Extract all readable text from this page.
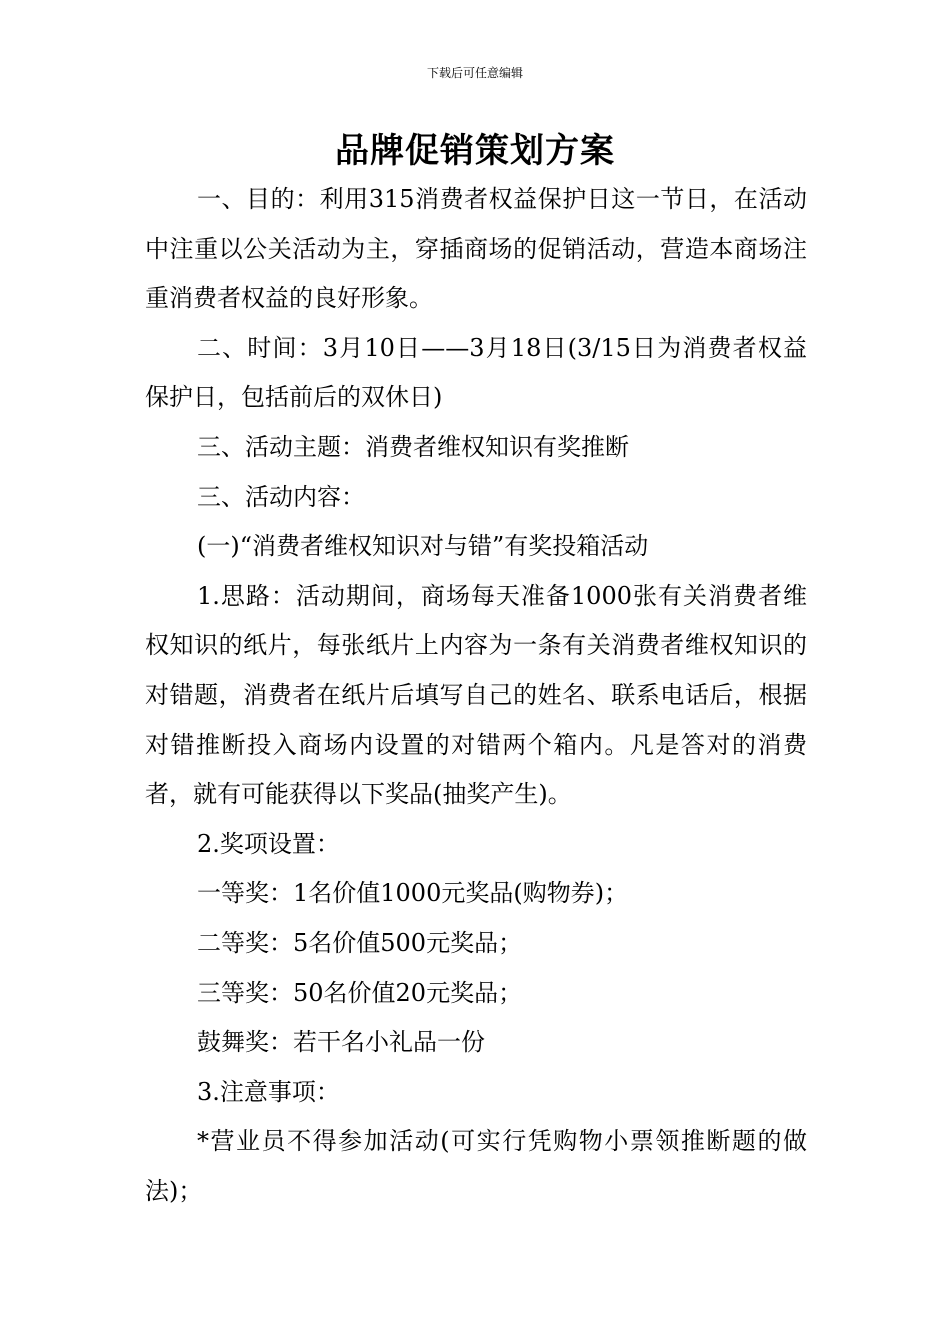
下载后可任意编辑
品牌促销策划方案

一、目的：利用315消费者权益保护日这一节日，在活动中注重以公关活动为主，穿插商场的促销活动，营造本商场注重消费者权益的良好形象。

二、时间：3月10日——3月18日(3/15日为消费者权益保护日，包括前后的双休日)

三、活动主题：消费者维权知识有奖推断

三、活动内容：

(一)“消费者维权知识对与错”有奖投箱活动

1.思路：活动期间，商场每天准备1000张有关消费者维权知识的纸片，每张纸片上内容为一条有关消费者维权知识的对错题，消费者在纸片后填写自己的姓名、联系电话后，根据对错推断投入商场内设置的对错两个箱内。凡是答对的消费者，就有可能获得以下奖品(抽奖产生)。

2.奖项设置：

一等奖：1名价值1000元奖品(购物券)；

二等奖：5名价值500元奖品；

三等奖：50名价值20元奖品；

鼓舞奖：若干名小礼品一份

3.注意事项：

*营业员不得参加活动(可实行凭购物小票领推断题的做法)；
